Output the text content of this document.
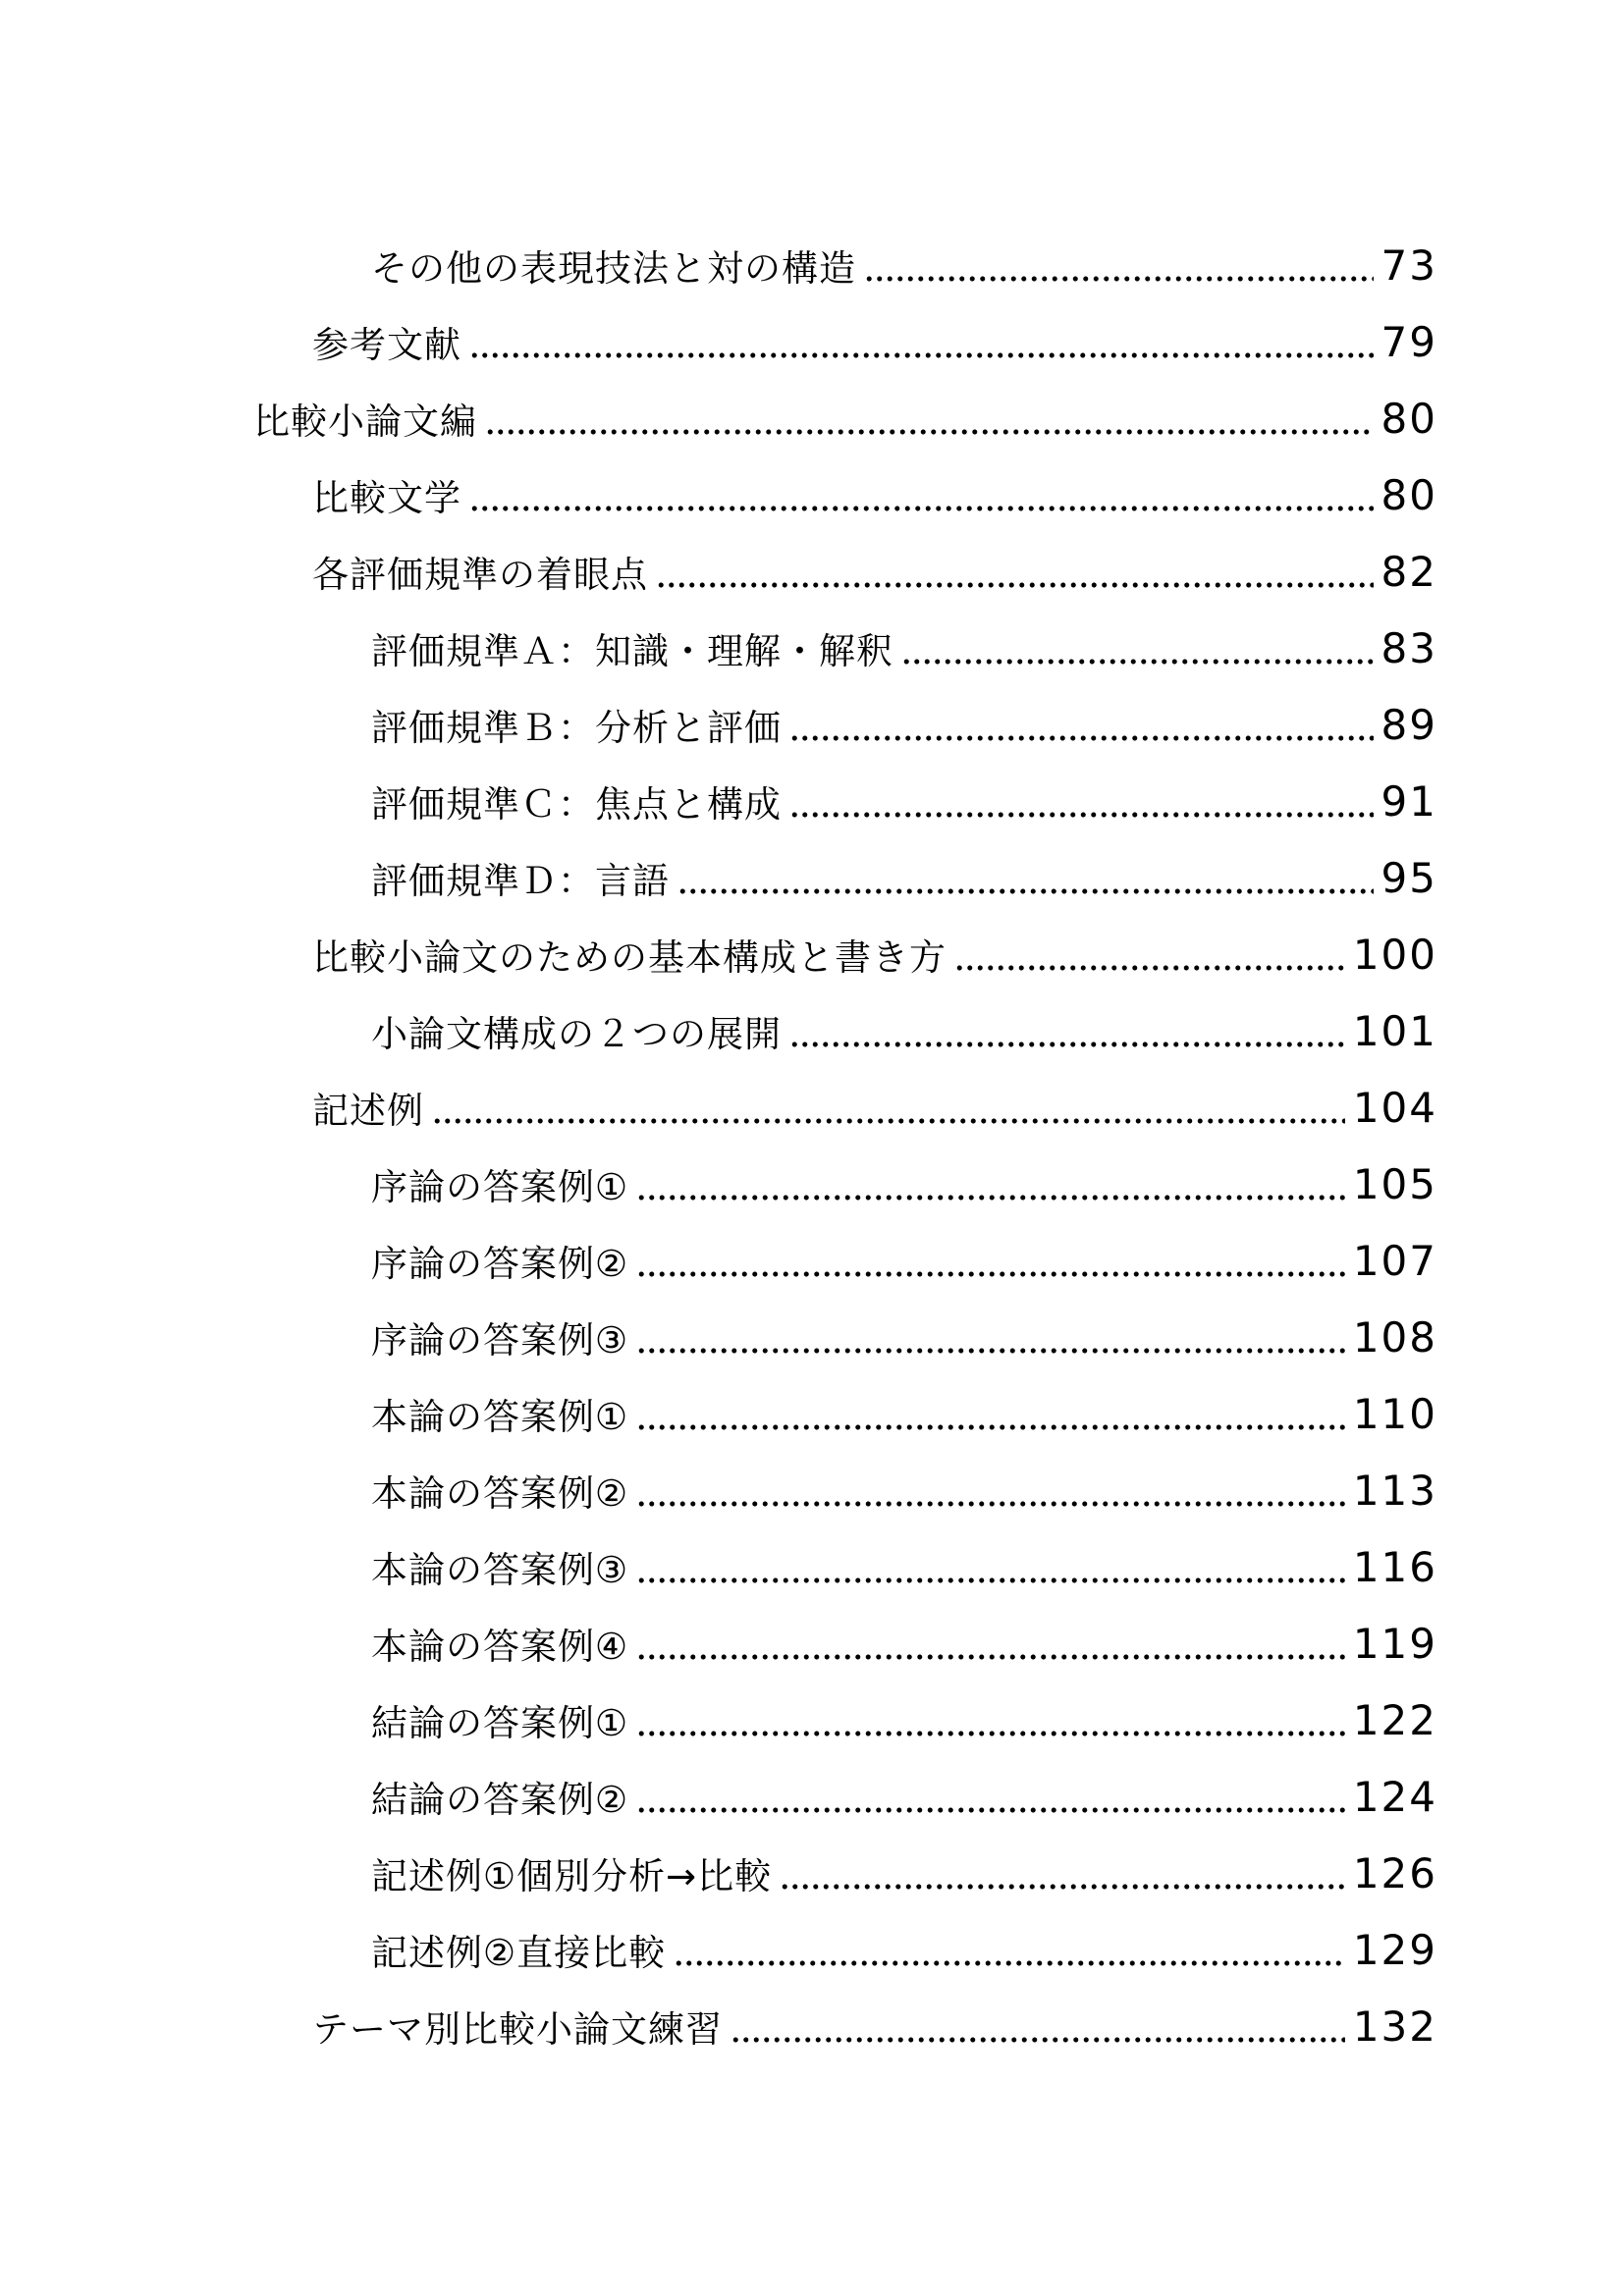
その他の表現技法と対の構造	73
参考文献	79
比較小論文編	80
比較文学	80
各評価規準の着眼点	82
評価規準Ａ：知識・理解・解釈	83
評価規準Ｂ：分析と評価	89
評価規準Ｃ：焦点と構成	91
評価規準Ｄ：言語	95
比較小論文のための基本構成と書き方	100
小論文構成の２つの展開	101
記述例	104
序論の答案例①	105
序論の答案例②	107
序論の答案例③	108
本論の答案例①	110
本論の答案例②	113
本論の答案例③	116
本論の答案例④	119
結論の答案例①	122
結論の答案例②	124
記述例①個別分析→比較	126
記述例②直接比較	129
テーマ別比較小論文練習	132
